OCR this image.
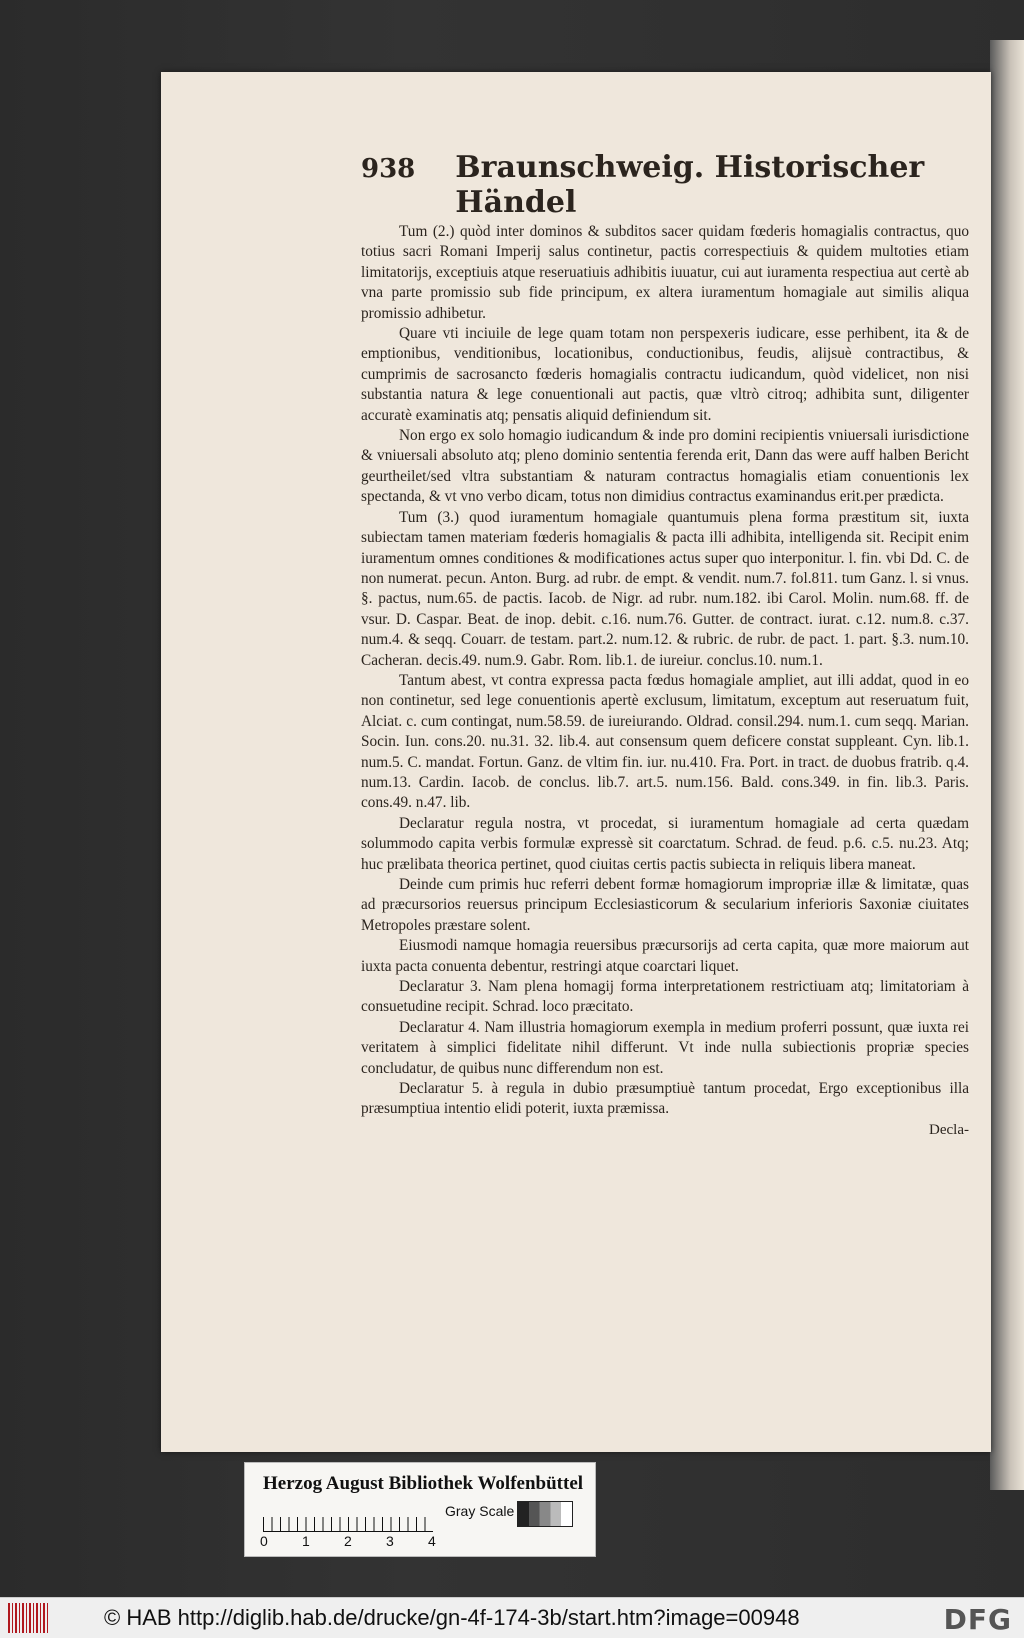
938 Braunschweig. Historischer Händel

Tum (2.) quòd inter dominos & subditos sacer quidam fœderis homagialis contractus, quo totius sacri Romani Imperij salus continetur, pactis correspectiuis & quidem multoties etiam limitatorijs, exceptiuis atque reseruatiuis adhibitis iuuatur, cui aut iuramenta respectiua aut certè ab vna parte promissio sub fide principum, ex altera iuramentum homagiale aut similis aliqua promissio adhibetur.

Quare vti inciuile de lege quam totam non perspexeris iudicare, esse perhibent, ita & de emptionibus, venditionibus, locationibus, conductionibus, feudis, alijsuè contractibus, & cumprimis de sacrosancto fœderis homagialis contractu iudicandum, quòd videlicet, non nisi substantia natura & lege conuentionali aut pactis, quæ vltrò citroq; adhibita sunt, diligenter accuratè examinatis atq; pensatis aliquid definiendum sit.

Non ergo ex solo homagio iudicandum & inde pro domini recipientis vniuersali iurisdictione & vniuersali absoluto atq; pleno dominio sententia ferenda erit, Dann das were auff halben Bericht geurtheilet/sed vltra substantiam & naturam contractus homagialis etiam conuentionis lex spectanda, & vt vno verbo dicam, totus non dimidius contractus examinandus erit.per prædicta.

Tum (3.) quod iuramentum homagiale quantumuis plena forma præstitum sit, iuxta subiectam tamen materiam fœderis homagialis & pacta illi adhibita, intelligenda sit. Recipit enim iuramentum omnes conditiones & modificationes actus super quo interponitur. l. fin. vbi Dd. C. de non numerat. pecun. Anton. Burg. ad rubr. de empt. & vendit. num.7. fol.811. tum Ganz. l. si vnus. §. pactus, num.65. de pactis. Iacob. de Nigr. ad rubr. num.182. ibi Carol. Molin. num.68. ff. de vsur. D. Caspar. Beat. de inop. debit. c.16. num.76. Gutter. de contract. iurat. c.12. num.8. c.37. num.4. & seqq. Couarr. de testam. part.2. num.12. & rubric. de rubr. de pact. 1. part. §.3. num.10. Cacheran. decis.49. num.9. Gabr. Rom. lib.1. de iureiur. conclus.10. num.1.

Tantum abest, vt contra expressa pacta fœdus homagiale ampliet, aut illi addat, quod in eo non continetur, sed lege conuentionis apertè exclusum, limitatum, exceptum aut reseruatum fuit, Alciat. c. cum contingat, num.58.59. de iureiurando. Oldrad. consil.294. num.1. cum seqq. Marian. Socin. Iun. cons.20. nu.31. 32. lib.4. aut consensum quem deficere constat suppleant. Cyn. lib.1. num.5. C. mandat. Fortun. Ganz. de vltim fin. iur. nu.410. Fra. Port. in tract. de duobus fratrib. q.4. num.13. Cardin. Iacob. de conclus. lib.7. art.5. num.156. Bald. cons.349. in fin. lib.3. Paris. cons.49. n.47. lib.

Declaratur regula nostra, vt procedat, si iuramentum homagiale ad certa quædam solummodo capita verbis formulæ expressè sit coarctatum. Schrad. de feud. p.6. c.5. nu.23. Atq; huc prælibata theorica pertinet, quod ciuitas certis pactis subiecta in reliquis libera maneat.

Deinde cum primis huc referri debent formæ homagiorum impropriæ illæ & limitatæ, quas ad præcursorios reuersus principum Ecclesiasticorum & secularium inferioris Saxoniæ ciuitates Metropoles præstare solent.

Eiusmodi namque homagia reuersibus præcursorijs ad certa capita, quæ more maiorum aut iuxta pacta conuenta debentur, restringi atque coarctari liquet.

Declaratur 3. Nam plena homagij forma interpretationem restrictiuam atq; limitatoriam à consuetudine recipit. Schrad. loco præcitato.

Declaratur 4. Nam illustria homagiorum exempla in medium proferri possunt, quæ iuxta rei veritatem à simplici fidelitate nihil differunt. Vt inde nulla subiectionis propriæ species concludatur, de quibus nunc differendum non est.

Declaratur 5. à regula in dubio præsumptiuè tantum procedat, Ergo exceptionibus illa præsumptiua intentio elidi poterit, iuxta præmissa.

Decla-
Herzog August Bibliothek Wolfenbüttel
0 1 2 3 4
Gray Scale
© HAB http://diglib.hab.de/drucke/gn-4f-174-3b/start.htm?image=00948	DFG
